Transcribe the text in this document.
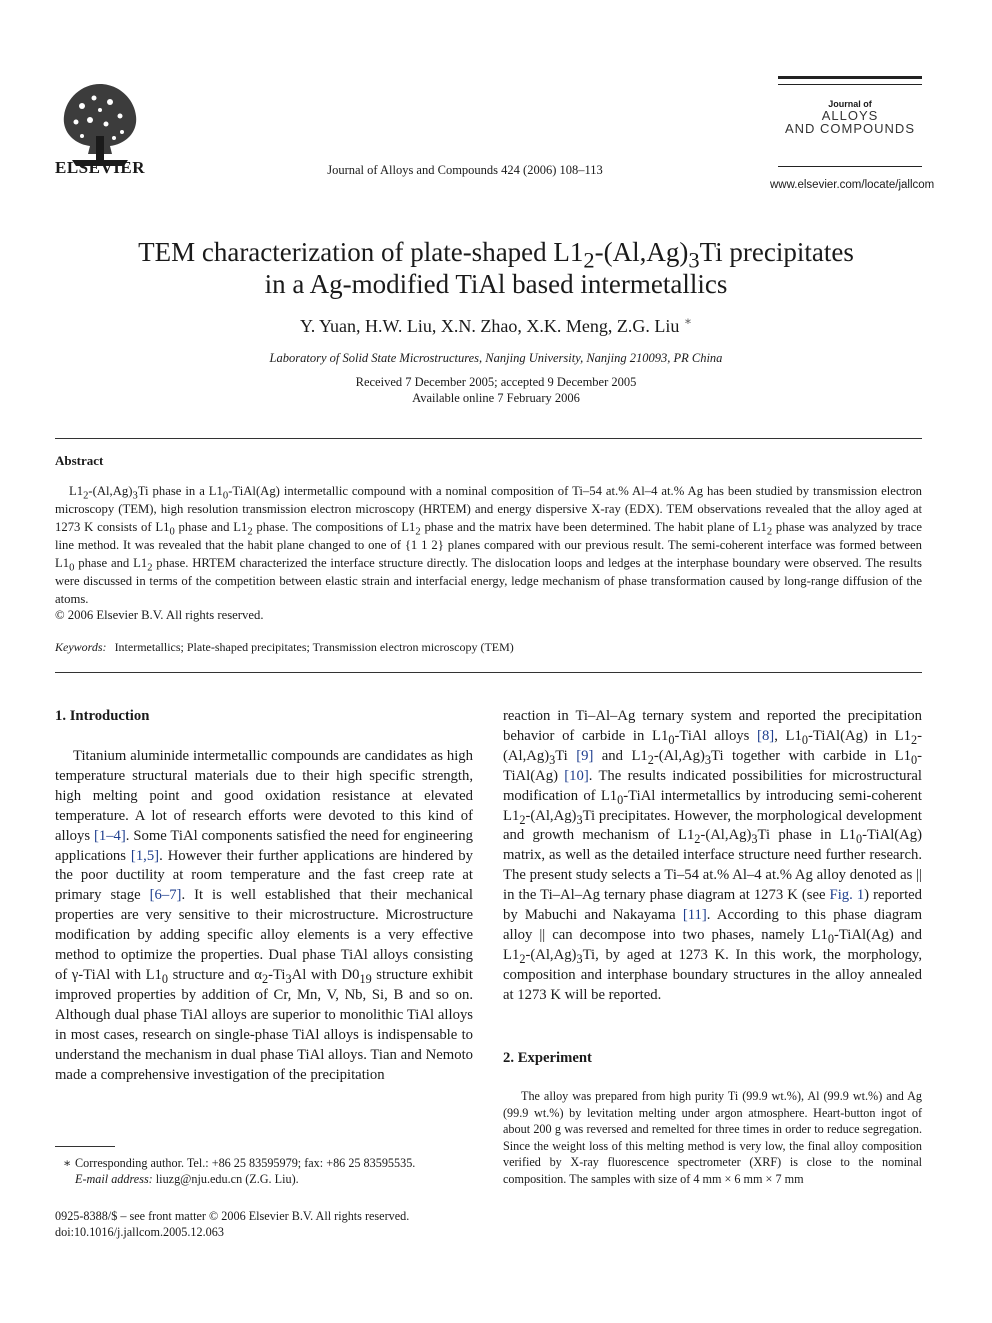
ELSEVIER	Journal of Alloys and Compounds 424 (2006) 108–113
Journal of
ALLOYS
AND COMPOUNDS
www.elsevier.com/locate/jallcom
TEM characterization of plate-shaped $L1_2-(Al,Ag)_3Ti$ precipitates
in a Ag-modified TiAl based intermetallics
Y. Yuan, H.W. Liu, X.N. Zhao, X.K. Meng, Z.G. Liu ∗
Laboratory of Solid State Microstructures, Nanjing University, Nanjing 210093, PR China
Received 7 December 2005; accepted 9 December 2005
Available online 7 February 2006
Abstract
$L1_2-(Al,Ag)_3Ti$ phase in a $L1_0-TiAl(Ag)$ intermetallic compound with a nominal composition of Ti–54 at.% Al–4 at.% Ag has been studied by transmission electron microscopy (TEM), high resolution transmission electron microscopy (HRTEM) and energy dispersive X-ray (EDX). TEM observations revealed that the alloy aged at 1273 K consists of $L1_0$ phase and $L1_2$ phase. The compositions of $L1_2$ phase and the matrix have been determined. The habit plane of $L1_2$ phase was analyzed by trace line method. It was revealed that the habit plane changed to one of {1 1 2} planes compared with our previous result. The semi-coherent interface was formed between $L1_0$ phase and $L1_2$ phase. HRTEM characterized the interface structure directly. The dislocation loops and ledges at the interphase boundary were observed. The results were discussed in terms of the competition between elastic strain and interfacial energy, ledge mechanism of phase transformation caused by long-range diffusion of the atoms.
© 2006 Elsevier B.V. All rights reserved.
Keywords: Intermetallics; Plate-shaped precipitates; Transmission electron microscopy (TEM)
1. Introduction

Titanium aluminide intermetallic compounds are candidates as high temperature structural materials due to their high specific strength, high melting point and good oxidation resistance at elevated temperature. A lot of research efforts were devoted to this kind of alloys [1–4]. Some TiAl components satisfied the need for engineering applications [1,5]. However their further applications are hindered by the poor ductility at room temperature and the fast creep rate at primary stage [6–7]. It is well established that their mechanical properties are very sensitive to their microstructure. Microstructure modification by adding specific alloy elements is a very effective method to optimize the properties. Dual phase TiAl alloys consisting of γ-TiAl with $L1_0$ structure and $\alpha_2-Ti_3Al$ with $D0_{19}$ structure exhibit improved properties by addition of Cr, Mn, V, Nb, Si, B and so on. Although dual phase TiAl alloys are superior to monolithic TiAl alloys in most cases, research on single-phase TiAl alloys is indispensable to understand the mechanism in dual phase TiAl alloys. Tian and Nemoto made a comprehensive investigation of the precipitation

reaction in Ti–Al–Ag ternary system and reported the precipitation behavior of carbide in $L1_0$-TiAl alloys [8], $L1_0-TiAl(Ag)$ in $L1_2-(Al,Ag)_3Ti$ [9] and $L1_2-(Al,Ag)_3Ti$ together with carbide in $L1_0-TiAl(Ag)$ [10]. The results indicated possibilities for microstructural modification of $L1_0$-TiAl intermetallics by introducing semi-coherent $L1_2-(Al,Ag)_3Ti$ precipitates. However, the morphological development and growth mechanism of $L1_2-(Al,Ag)_3Ti$ phase in $L1_0-TiAl(Ag)$ matrix, as well as the detailed interface structure need further research. The present study selects a Ti–54 at.% Al–4 at.% Ag alloy denoted as || in the Ti–Al–Ag ternary phase diagram at 1273 K (see Fig. 1) reported by Mabuchi and Nakayama [11]. According to this phase diagram alloy || can decompose into two phases, namely $L1_0-TiAl(Ag)$ and $L1_2-(Al,Ag)_3Ti$, by aged at 1273 K. In this work, the morphology, composition and interphase boundary structures in the alloy annealed at 1273 K will be reported.

2. Experiment
The alloy was prepared from high purity Ti (99.9 wt.%), Al (99.9 wt.%) and Ag (99.9 wt.%) by levitation melting under argon atmosphere. Heart-button ingot of about 200 g was reversed and remelted for three times in order to reduce segregation. Since the weight loss of this melting method is very low, the final alloy composition verified by X-ray fluorescence spectrometer (XRF) is close to the nominal composition. The samples with size of 4 mm × 6 mm × 7 mm
∗ Corresponding author. Tel.: +86 25 83595979; fax: +86 25 83595535.
E-mail address: liuzg@nju.edu.cn (Z.G. Liu).
0925-8388/$ – see front matter © 2006 Elsevier B.V. All rights reserved.
doi:10.1016/j.jallcom.2005.12.063
